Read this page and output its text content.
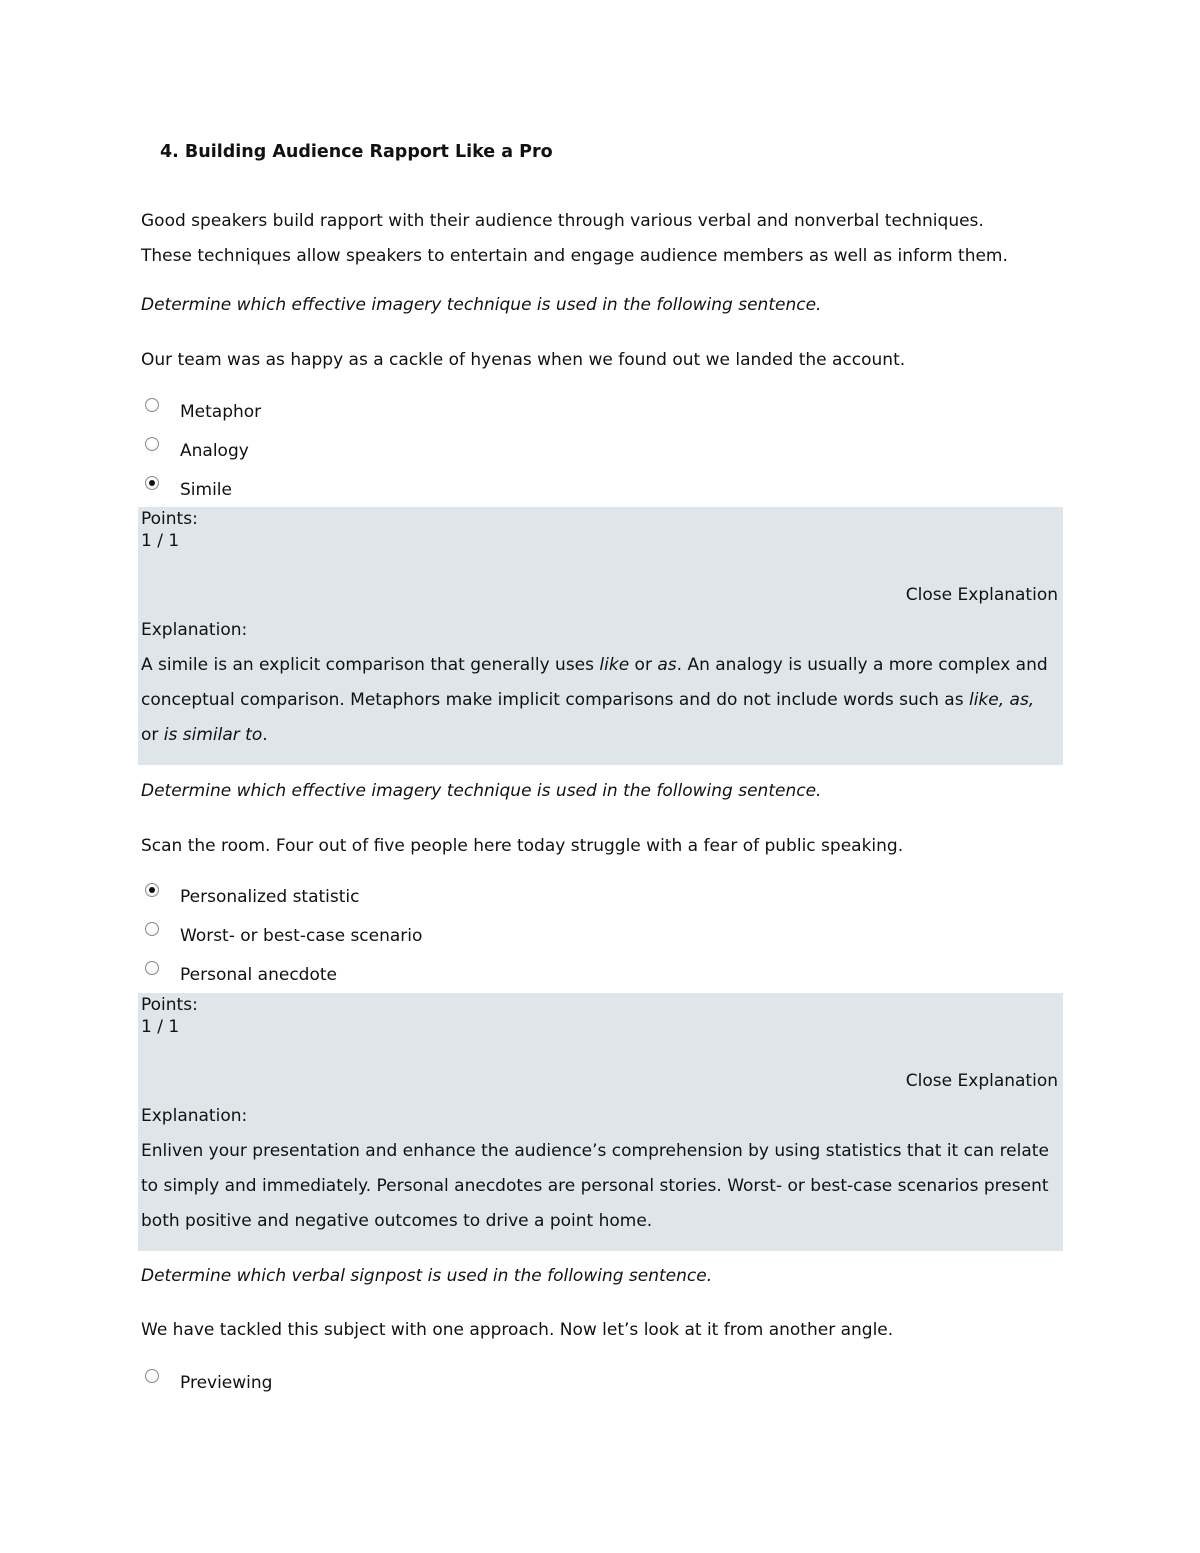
4. Building Audience Rapport Like a Pro
Good speakers build rapport with their audience through various verbal and nonverbal techniques.
These techniques allow speakers to entertain and engage audience members as well as inform them.
Determine which effective imagery technique is used in the following sentence.
Our team was as happy as a cackle of hyenas when we found out we landed the account.
Metaphor
Analogy
Simile
Points:
1 / 1
Close Explanation
Explanation:
A simile is an explicit comparison that generally uses like or as. An analogy is usually a more complex and conceptual comparison. Metaphors make implicit comparisons and do not include words such as like, as, or is similar to.
Determine which effective imagery technique is used in the following sentence.
Scan the room. Four out of five people here today struggle with a fear of public speaking.
Personalized statistic
Worst- or best-case scenario
Personal anecdote
Points:
1 / 1
Close Explanation
Explanation:
Enliven your presentation and enhance the audience’s comprehension by using statistics that it can relate to simply and immediately. Personal anecdotes are personal stories. Worst- or best-case scenarios present both positive and negative outcomes to drive a point home.
Determine which verbal signpost is used in the following sentence.
We have tackled this subject with one approach. Now let’s look at it from another angle.
Previewing
